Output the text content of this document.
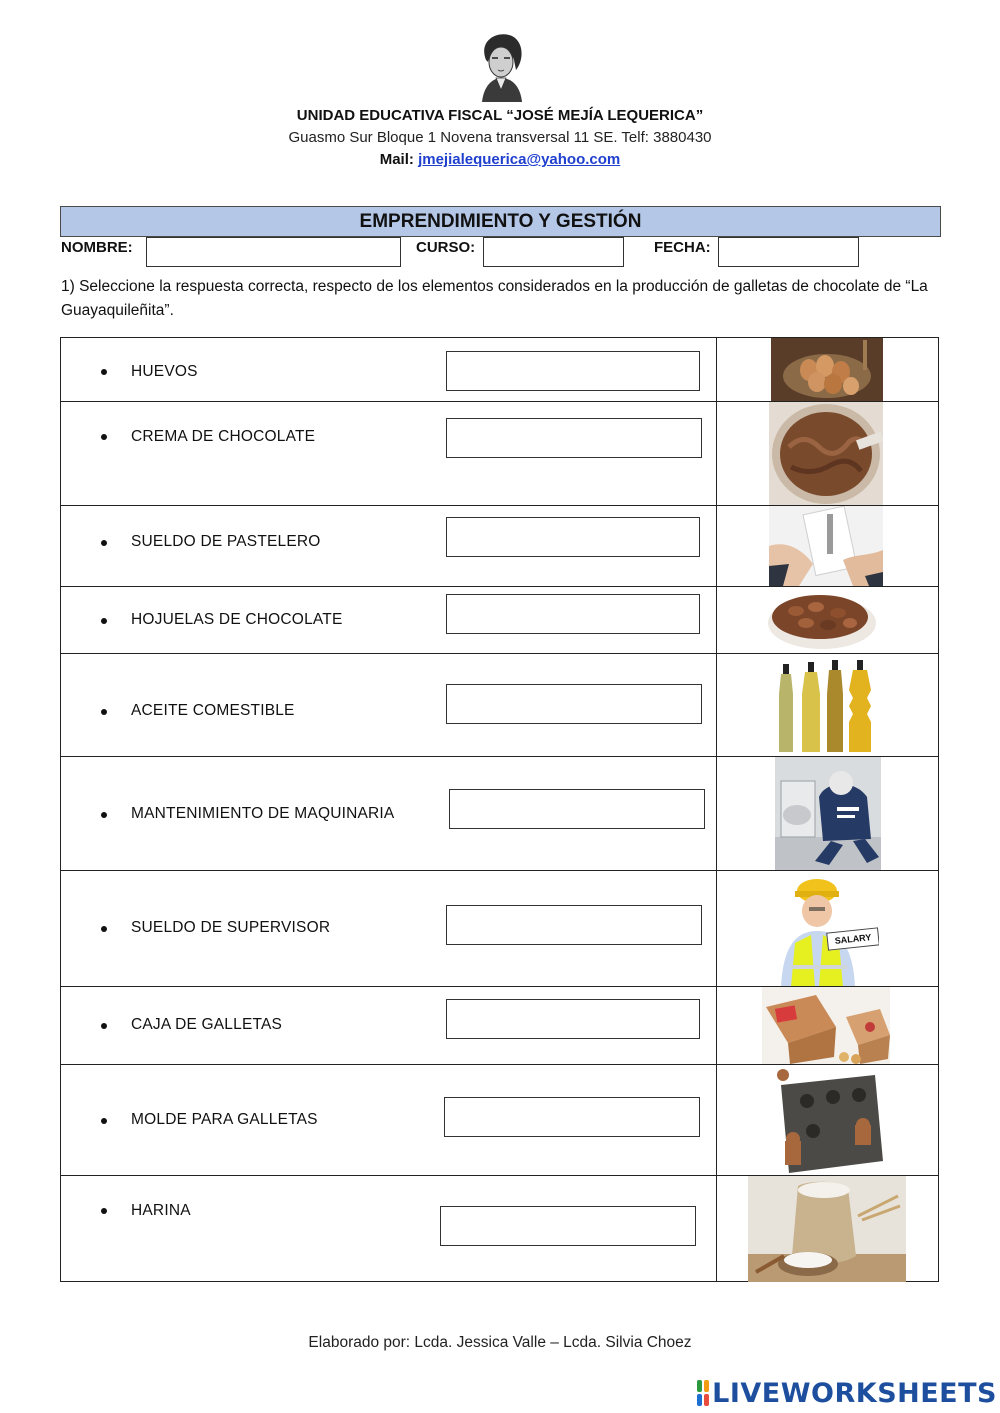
UNIDAD EDUCATIVA FISCAL “JOSÉ MEJÍA LEQUERICA”
Guasmo Sur Bloque 1 Novena transversal 11 SE. Telf: 3880430
Mail: jmejialequerica@yahoo.com
EMPRENDIMIENTO Y GESTIÓN
NOMBRE:	CURSO:	FECHA:
1) Seleccione la respuesta correcta, respecto de los elementos considerados en la producción de galletas de chocolate de “La Guayaquileñita”.
HUEVOS
CREMA DE CHOCOLATE
SUELDO DE PASTELERO
HOJUELAS DE CHOCOLATE
ACEITE COMESTIBLE
MANTENIMIENTO DE MAQUINARIA
SUELDO DE SUPERVISOR
SALARY
CAJA DE GALLETAS
MOLDE PARA GALLETAS
HARINA
Elaborado por: Lcda. Jessica Valle – Lcda. Silvia Choez
LIVEWORKSHEETS
